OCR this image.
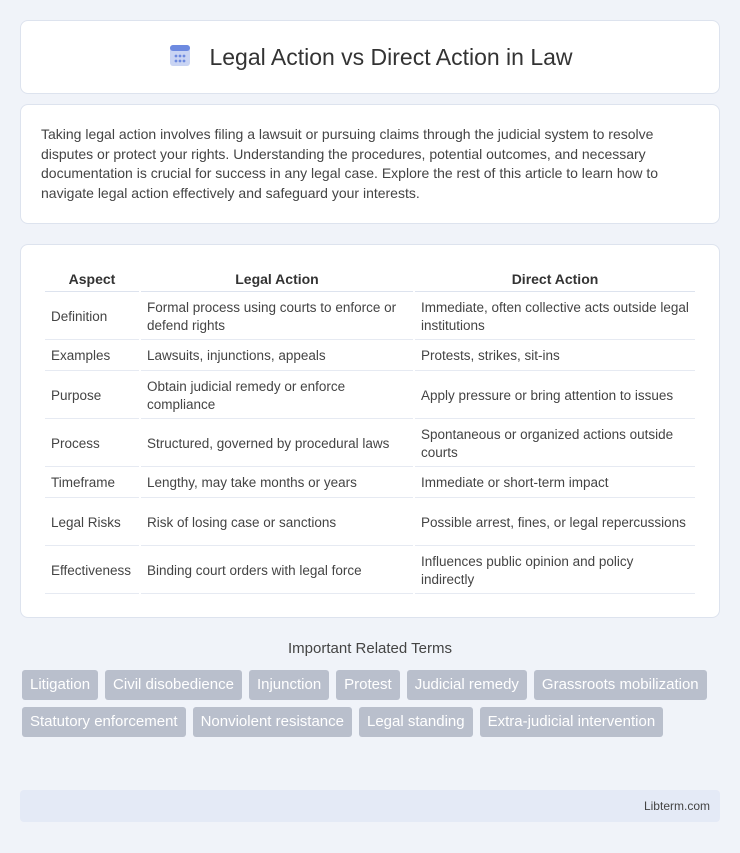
Legal Action vs Direct Action in Law

Taking legal action involves filing a lawsuit or pursuing claims through the judicial system to resolve disputes or protect your rights. Understanding the procedures, potential outcomes, and necessary documentation is crucial for success in any legal case. Explore the rest of this article to learn how to navigate legal action effectively and safeguard your interests.

Aspect	Legal Action	Direct Action
Definition	Formal process using courts to enforce or defend rights	Immediate, often collective acts outside legal institutions
Examples	Lawsuits, injunctions, appeals	Protests, strikes, sit-ins
Purpose	Obtain judicial remedy or enforce compliance	Apply pressure or bring attention to issues
Process	Structured, governed by procedural laws	Spontaneous or organized actions outside courts
Timeframe	Lengthy, may take months or years	Immediate or short-term impact
Legal Risks	Risk of losing case or sanctions	Possible arrest, fines, or legal repercussions
Effectiveness	Binding court orders with legal force	Influences public opinion and policy indirectly
Important Related Terms
Litigation	Civil disobedience	Injunction	Protest	Judicial remedy	Grassroots mobilization
Statutory enforcement	Nonviolent resistance	Legal standing	Extra-judicial intervention
Libterm.com
